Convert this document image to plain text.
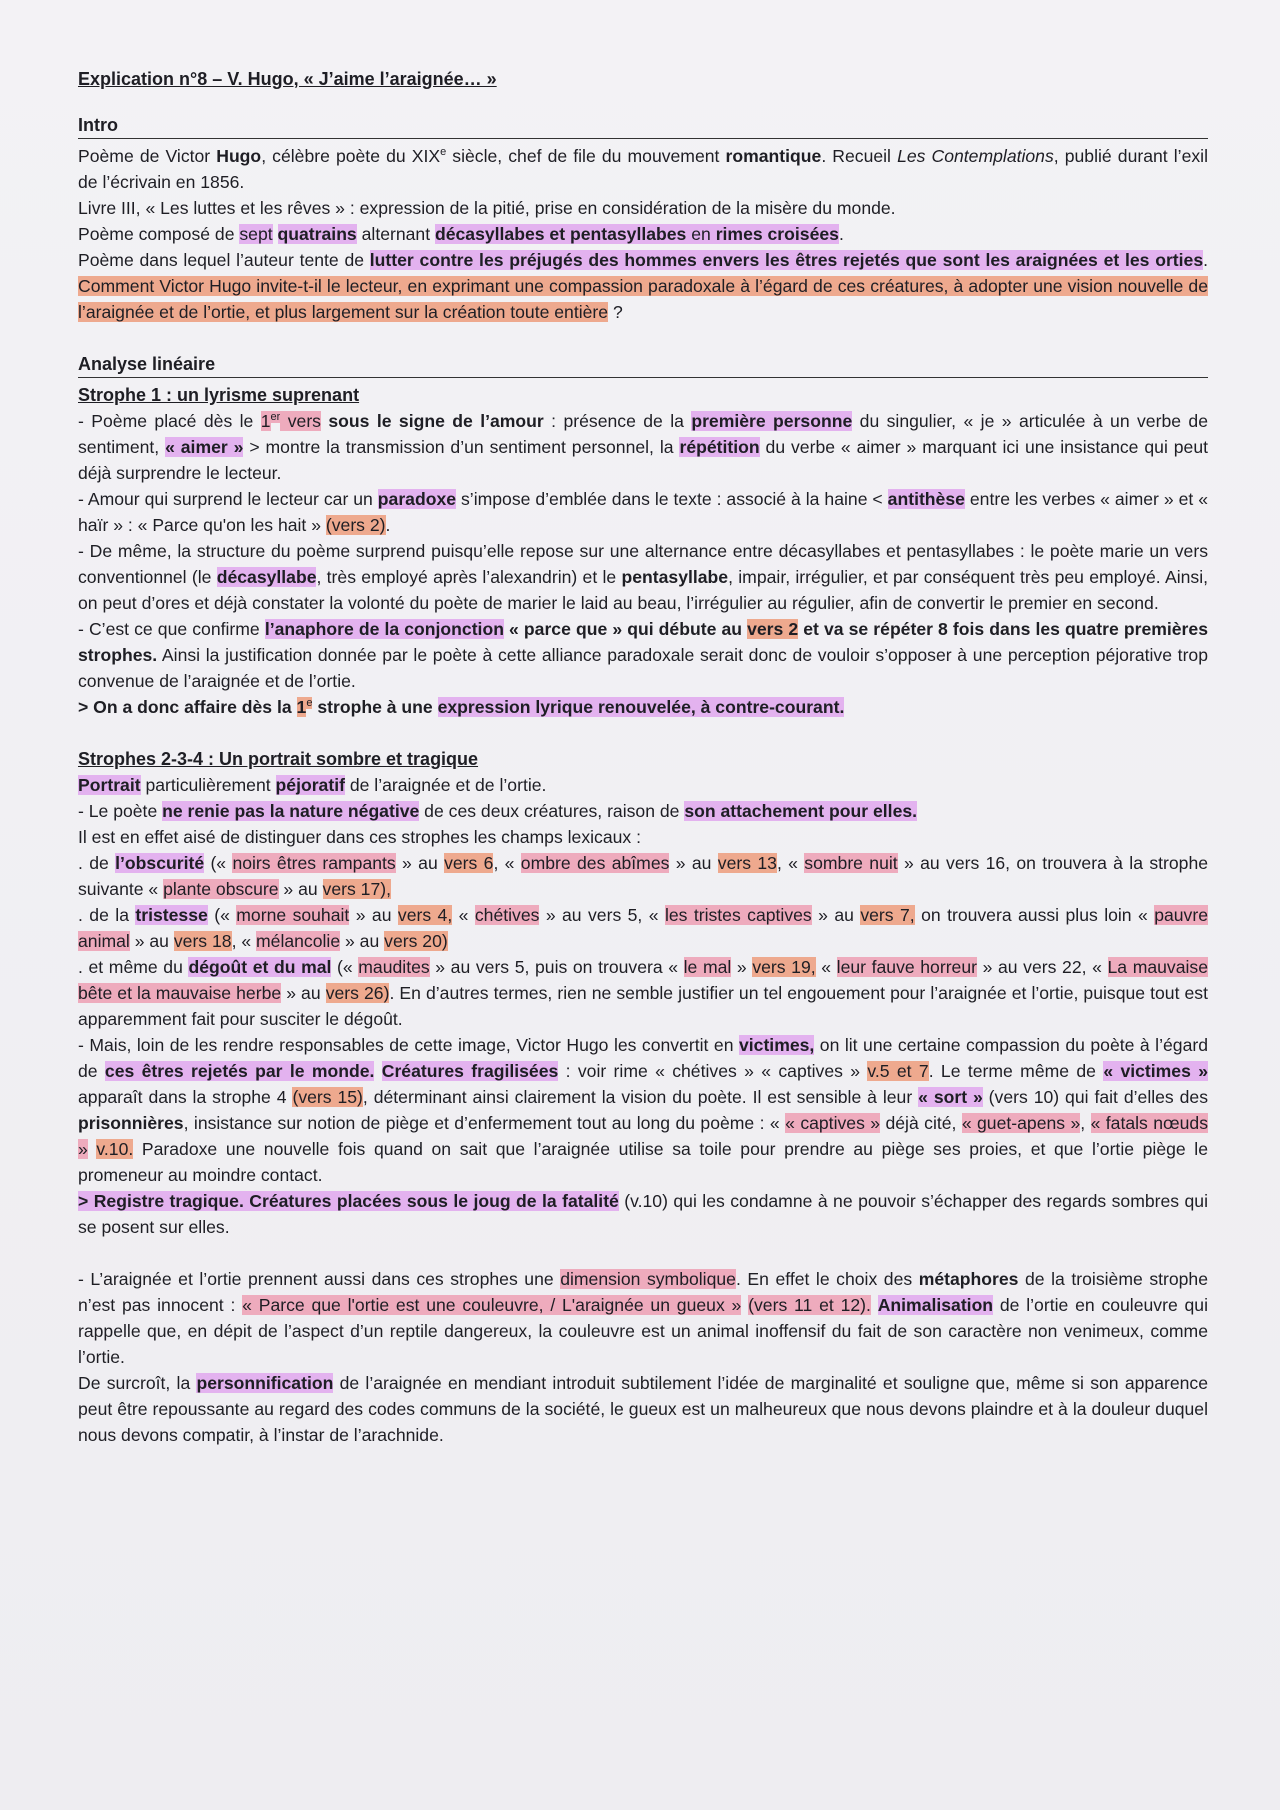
Explication n°8 – V. Hugo, « J’aime l’araignée… »

Intro

Poème de Victor Hugo, célèbre poète du XIXe siècle, chef de file du mouvement romantique. Recueil Les Contemplations, publié durant l’exil de l’écrivain en 1856.

Livre III, « Les luttes et les rêves » : expression de la pitié, prise en considération de la misère du monde.

Poème composé de sept quatrains alternant décasyllabes et pentasyllabes en rimes croisées.

Poème dans lequel l’auteur tente de lutter contre les préjugés des hommes envers les êtres rejetés que sont les araignées et les orties. Comment Victor Hugo invite-t-il le lecteur, en exprimant une compassion paradoxale à l’égard de ces créatures, à adopter une vision nouvelle de l’araignée et de l’ortie, et plus largement sur la création toute entière ?

Analyse linéaire

Strophe 1 : un lyrisme suprenant

- Poème placé dès le 1er vers sous le signe de l’amour : présence de la première personne du singulier, « je » articulée à un verbe de sentiment, « aimer » > montre la transmission d’un sentiment personnel, la répétition du verbe « aimer » marquant ici une insistance qui peut déjà surprendre le lecteur.

- Amour qui surprend le lecteur car un paradoxe s’impose d’emblée dans le texte : associé à la haine < antithèse entre les verbes « aimer » et « haïr » : « Parce qu'on les hait » (vers 2).

- De même, la structure du poème surprend puisqu’elle repose sur une alternance entre décasyllabes et pentasyllabes : le poète marie un vers conventionnel (le décasyllabe, très employé après l’alexandrin) et le pentasyllabe, impair, irrégulier, et par conséquent très peu employé. Ainsi, on peut d’ores et déjà constater la volonté du poète de marier le laid au beau, l’irrégulier au régulier, afin de convertir le premier en second.

- C’est ce que confirme l’anaphore de la conjonction « parce que » qui débute au vers 2 et va se répéter 8 fois dans les quatre premières strophes. Ainsi la justification donnée par le poète à cette alliance paradoxale serait donc de vouloir s’opposer à une perception péjorative trop convenue de l’araignée et de l’ortie.

> On a donc affaire dès la 1e strophe à une expression lyrique renouvelée, à contre-courant.

Strophes 2-3-4 : Un portrait sombre et tragique

Portrait particulièrement péjoratif de l’araignée et de l’ortie.

- Le poète ne renie pas la nature négative de ces deux créatures, raison de son attachement pour elles.

Il est en effet aisé de distinguer dans ces strophes les champs lexicaux :

. de l’obscurité (« noirs êtres rampants » au vers 6, « ombre des abîmes » au vers 13, « sombre nuit » au vers 16, on trouvera à la strophe suivante « plante obscure » au vers 17),

. de la tristesse (« morne souhait » au vers 4, « chétives » au vers 5, « les tristes captives » au vers 7, on trouvera aussi plus loin « pauvre animal » au vers 18, « mélancolie » au vers 20)

. et même du dégoût et du mal (« maudites » au vers 5, puis on trouvera « le mal » vers 19, « leur fauve horreur » au vers 22, « La mauvaise bête et la mauvaise herbe » au vers 26). En d’autres termes, rien ne semble justifier un tel engouement pour l’araignée et l’ortie, puisque tout est apparemment fait pour susciter le dégoût.

- Mais, loin de les rendre responsables de cette image, Victor Hugo les convertit en victimes, on lit une certaine compassion du poète à l’égard de ces êtres rejetés par le monde. Créatures fragilisées : voir rime « chétives » « captives » v.5 et 7. Le terme même de « victimes » apparaît dans la strophe 4 (vers 15), déterminant ainsi clairement la vision du poète. Il est sensible à leur « sort » (vers 10) qui fait d’elles des prisonnières, insistance sur notion de piège et d’enfermement tout au long du poème : « « captives » déjà cité, « guet-apens », « fatals nœuds » v.10. Paradoxe une nouvelle fois quand on sait que l’araignée utilise sa toile pour prendre au piège ses proies, et que l’ortie piège le promeneur au moindre contact.

> Registre tragique. Créatures placées sous le joug de la fatalité (v.10) qui les condamne à ne pouvoir s’échapper des regards sombres qui se posent sur elles.

- L’araignée et l’ortie prennent aussi dans ces strophes une dimension symbolique. En effet le choix des métaphores de la troisième strophe n’est pas innocent : « Parce que l'ortie est une couleuvre, / L'araignée un gueux » (vers 11 et 12). Animalisation de l’ortie en couleuvre qui rappelle que, en dépit de l’aspect d’un reptile dangereux, la couleuvre est un animal inoffensif du fait de son caractère non venimeux, comme l’ortie.

De surcroît, la personnification de l’araignée en mendiant introduit subtilement l’idée de marginalité et souligne que, même si son apparence peut être repoussante au regard des codes communs de la société, le gueux est un malheureux que nous devons plaindre et à la douleur duquel nous devons compatir, à l’instar de l’arachnide.
